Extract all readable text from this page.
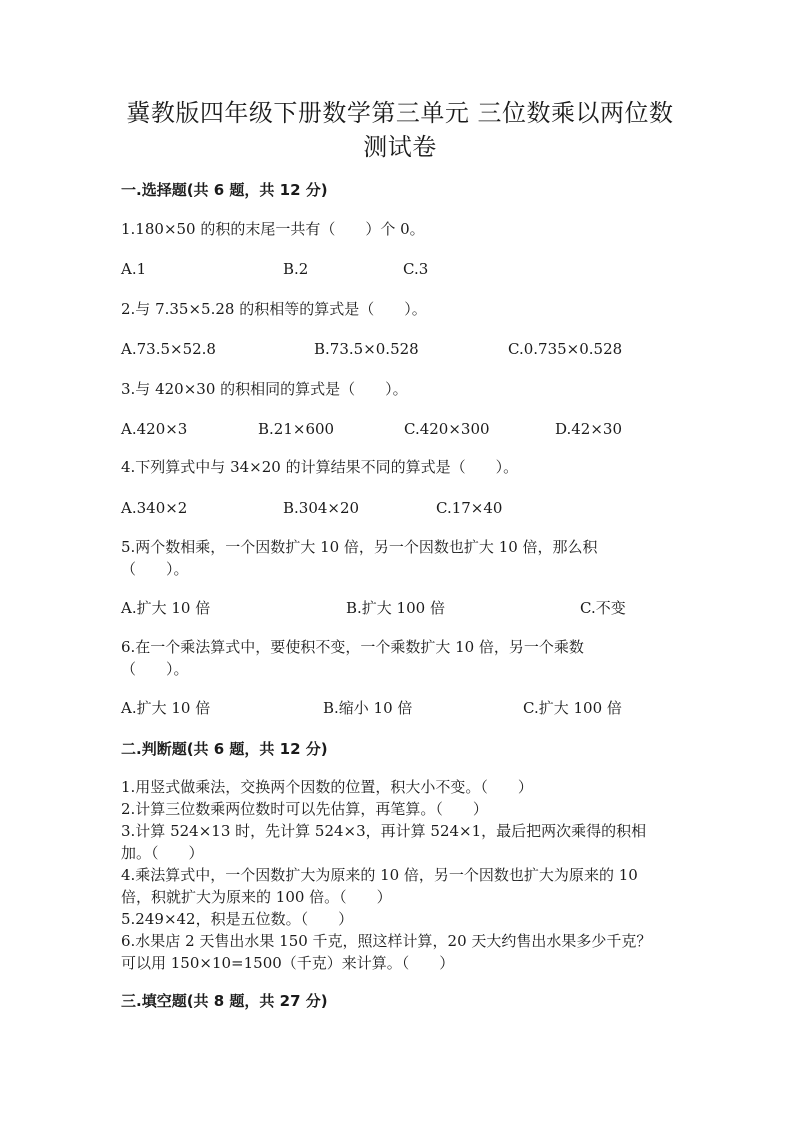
冀教版四年级下册数学第三单元 三位数乘以两位数
测试卷
一.选择题(共 6 题，共 12 分)
1.180×50 的积的末尾一共有（　　）个 0。
A.1	B.2	C.3
2.与 7.35×5.28 的积相等的算式是（　　）。
A.73.5×52.8	B.73.5×0.528	C.0.735×0.528
3.与 420×30 的积相同的算式是（　　）。
A.420×3	B.21×600	C.420×300	D.42×30
4.下列算式中与 34×20 的计算结果不同的算式是（　　）。
A.340×2	B.304×20	C.17×40
5.两个数相乘，一个因数扩大 10 倍，另一个因数也扩大 10 倍，那么积
（　　）。
A.扩大 10 倍	B.扩大 100 倍	C.不变
6.在一个乘法算式中，要使积不变，一个乘数扩大 10 倍，另一个乘数
（　　）。
A.扩大 10 倍	B.缩小 10 倍	C.扩大 100 倍
二.判断题(共 6 题，共 12 分)
1.用竖式做乘法，交换两个因数的位置，积大小不变。（　　）
2.计算三位数乘两位数时可以先估算，再笔算。（　　）
3.计算 524×13 时，先计算 524×3，再计算 524×1，最后把两次乘得的积相
加。（　　）
4.乘法算式中，一个因数扩大为原来的 10 倍，另一个因数也扩大为原来的 10
倍，积就扩大为原来的 100 倍。（　　）
5.249×42，积是五位数。（　　）
6.水果店 2 天售出水果 150 千克，照这样计算，20 天大约售出水果多少千克？
可以用 150×10=1500（千克）来计算。（　　）
三.填空题(共 8 题，共 27 分)
